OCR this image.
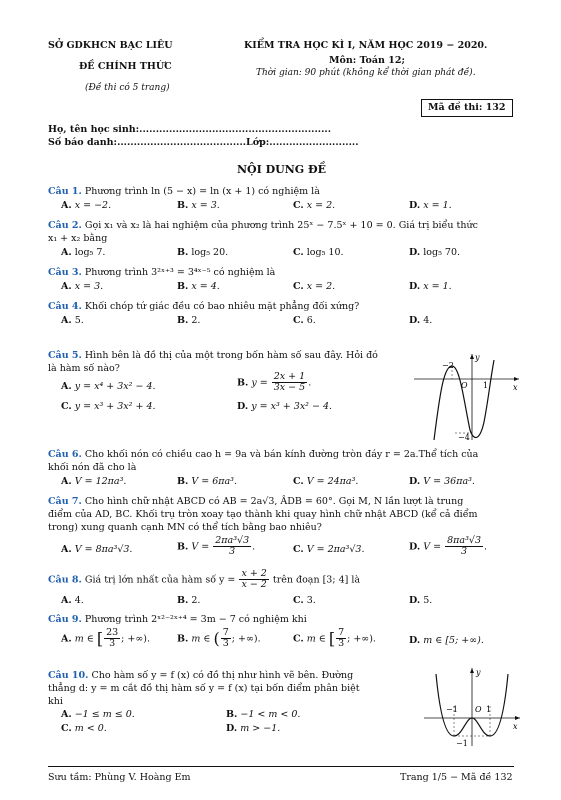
SỞ GDKHCN BẠC LIÊU
ĐỀ CHÍNH THỨC
(Đề thi có 5 trang)
KIỂM TRA HỌC KÌ I, NĂM HỌC 2019 − 2020.
Môn: Toán 12;
Thời gian: 90 phút (không kể thời gian phát đề).
Mã đề thi: 132
Họ, tên học sinh:..........................................................
Số báo danh:.......................................Lớp:...........................
NỘI DUNG ĐỀ
Câu 1. Phương trình ln (5 − x) = ln (x + 1) có nghiệm là
A. x = −2.	B. x = 3.	C. x = 2.	D. x = 1.
Câu 2. Gọi x₁ và x₂ là hai nghiệm của phương trình 25ˣ − 7.5ˣ + 10 = 0. Giá trị biểu thức
x₁ + x₂ bằng
A. log₅ 7.	B. log₅ 20.	C. log₅ 10.	D. log₅ 70.
Câu 3. Phương trình 3²ˣ⁺³ = 3⁴ˣ⁻⁵ có nghiệm là
A. x = 3.	B. x = 4.	C. x = 2.	D. x = 1.
Câu 4. Khối chóp tứ giác đều có bao nhiêu mặt phẳng đối xứng?
A. 5.	B. 2.	C. 6.	D. 4.
Câu 5. Hình bên là đồ thị của một trong bốn hàm số sau đây. Hỏi đó
là hàm số nào?
A. y = x⁴ + 3x² − 4.	B. $y = \frac{2x + 1}{3x - 5}$ .
C. y = x³ + 3x² + 4.	D. y = x³ + 3x² − 4.
−2
O 1	x
y
−4
Câu 6. Cho khối nón có chiều cao h = 9a và bán kính đường tròn đáy r = 2a.Thể tích của
khối nón đã cho là
A. V = 12πa³.	B. V = 6πa³.	C. V = 24πa³.	D. V = 36πa³.
Câu 7. Cho hình chữ nhật ABCD có AB = 2a√3, ÂDB = 60°. Gọi M, N lần lượt là trung
điểm của AD, BC. Khối trụ tròn xoay tạo thành khi quay hình chữ nhật ABCD (kể cả điểm
trong) xung quanh cạnh MN có thể tích bằng bao nhiêu?
A. V = 8πa³√3.	B. $V = \frac{\text{2πa³√3}}{3}$ .	C. V = 2πa³√3.	D. $V = \frac{\text{8πa³√3}}{3}$ .
Câu 8. Giá trị lớn nhất của hàm số $y = \frac{x + 2}{x - 2}$ trên đoạn [3; 4] là
A. 4.	B. 2.	C. 3.	D. 5.
Câu 9. Phương trình 2ˣ²⁻²ˣ⁺⁴ = 3m − 7 có nghiệm khi
A. m ∈ [ $\frac{23}{3}$ ; +∞).	B. m ∈ ( $\frac{7}{3}$ ; +∞).	C. m ∈ [ $\frac{7}{3}$ ; +∞).	D. m ∈ [5; +∞).
Câu 10. Cho hàm số y = f (x) có đồ thị như hình vẽ bên. Đường
thẳng d: y = m cắt đồ thị hàm số y = f (x) tại bốn điểm phân biệt
khi
A. −1 ≤ m ≤ 0.	B. −1 < m < 0.
C. m < 0.	D. m > −1.
−1 O 1
x
y
−1
Sưu tầm: Phùng V. Hoàng Em	Trang 1/5 − Mã đề 132
